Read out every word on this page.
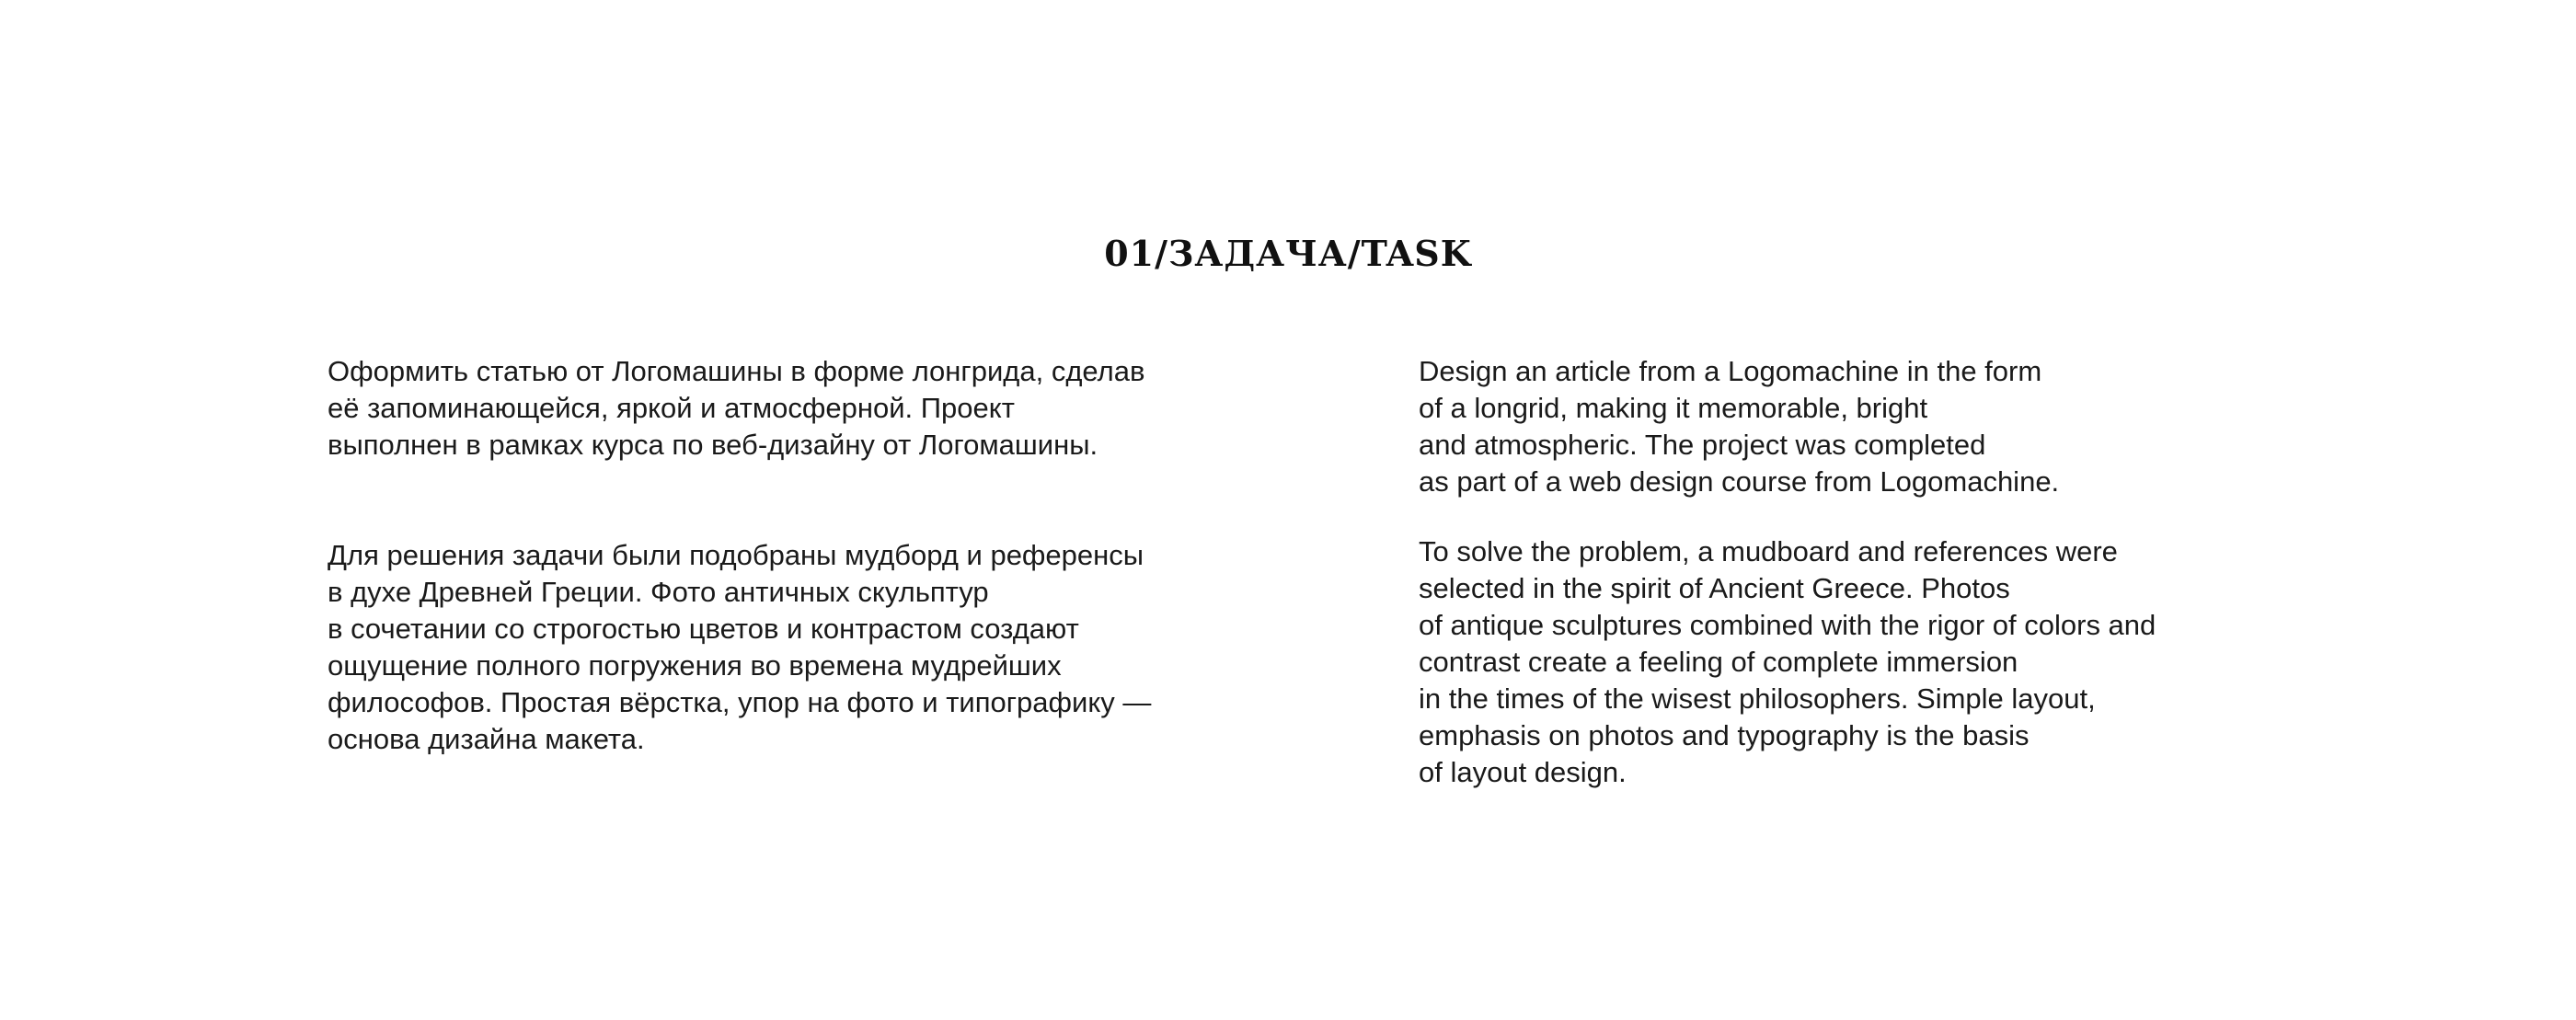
01/ЗАДАЧА/TASK

Оформить статью от Логомашины в форме лонгрида, сделав
её запоминающейся, яркой и атмосферной. Проект
выполнен в рамках курса по веб-дизайну от Логомашины.

Для решения задачи были подобраны мудборд и референсы
в духе Древней Греции. Фото античных скульптур
в сочетании со строгостью цветов и контрастом создают
ощущение полного погружения во времена мудрейших
философов. Простая вёрстка, упор на фото и типографику —
основа дизайна макета.

Design an article from a Logomachine in the form
of a longrid, making it memorable, bright
and atmospheric. The project was completed
as part of a web design course from Logomachine.

To solve the problem, a mudboard and references were
selected in the spirit of Ancient Greece. Photos
of antique sculptures combined with the rigor of colors and
contrast create a feeling of complete immersion
in the times of the wisest philosophers. Simple layout,
emphasis on photos and typography is the basis
of layout design.
